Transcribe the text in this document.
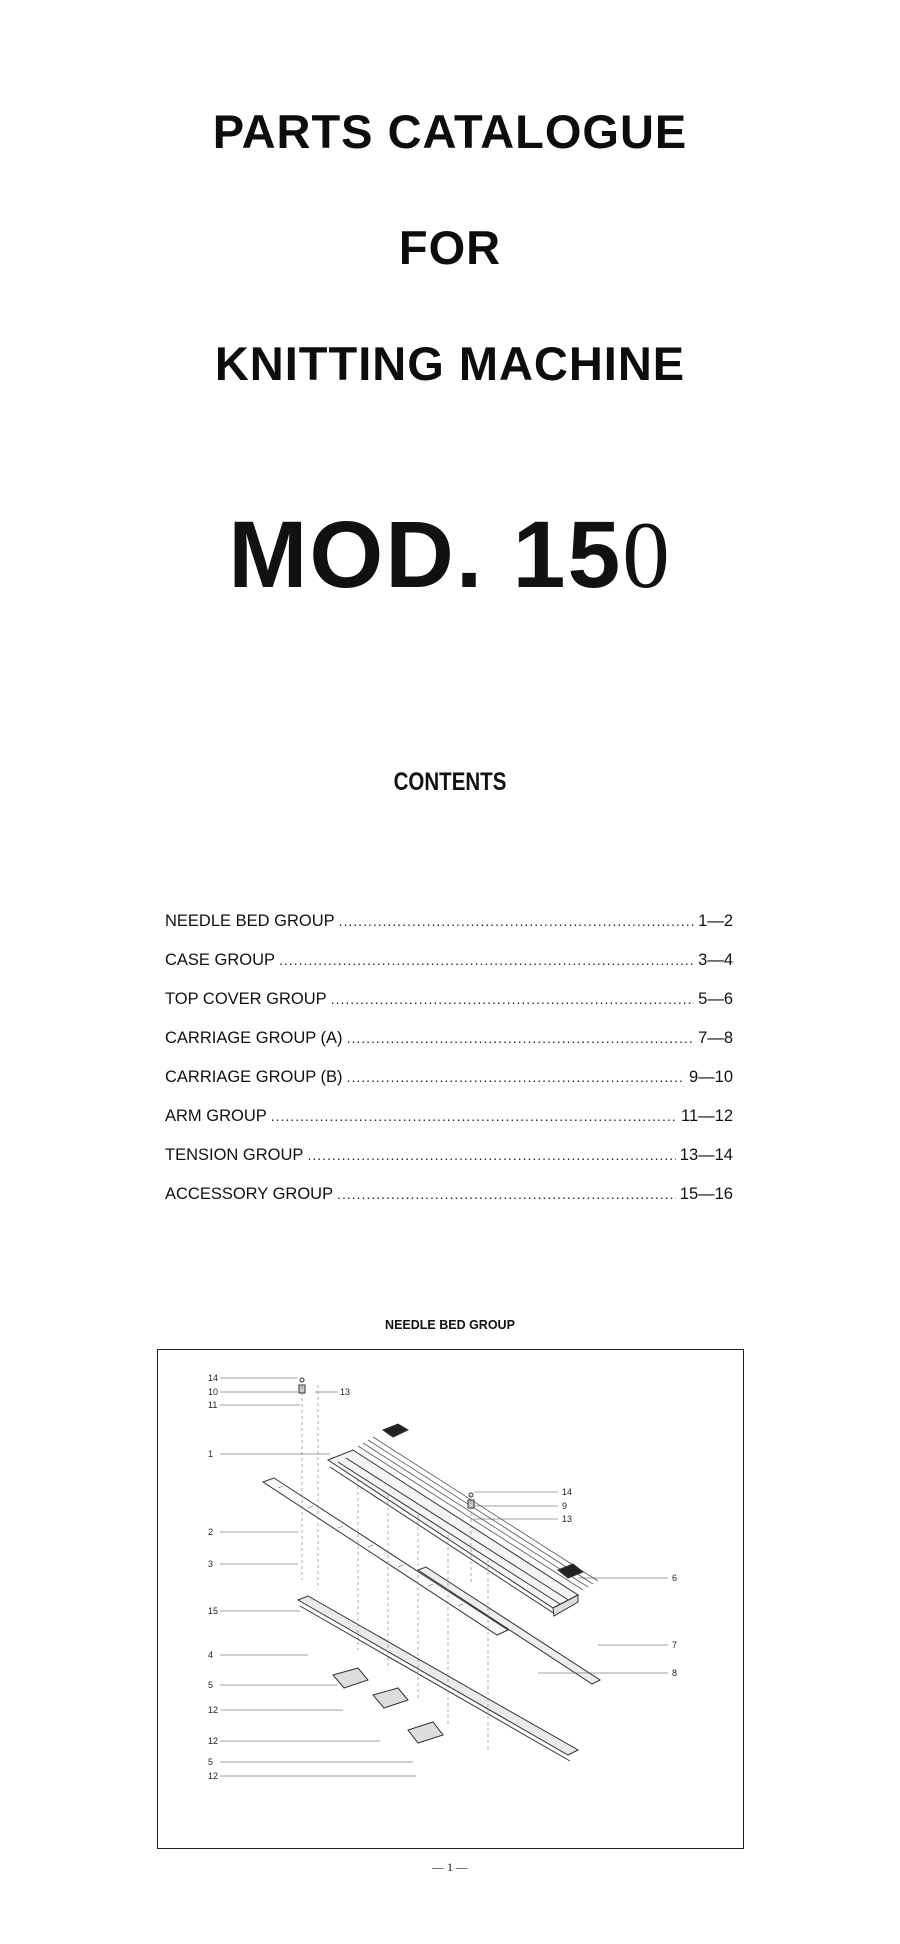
PARTS CATALOGUE
FOR
KNITTING MACHINE
MOD. 150
CONTENTS
NEEDLE BED GROUP .....	1—2
CASE GROUP .....	3—4
TOP COVER GROUP .....	5—6
CARRIAGE GROUP (A) .....	7—8
CARRIAGE GROUP (B) .....	9—10
ARM GROUP .....	11—12
TENSION GROUP .....	13—14
ACCESSORY GROUP .....	15—16
NEEDLE BED GROUP
14
10
11
1
2
3
15
4
5
12
12
5
12
13
14
9
13
6
7
8
— 1 —
